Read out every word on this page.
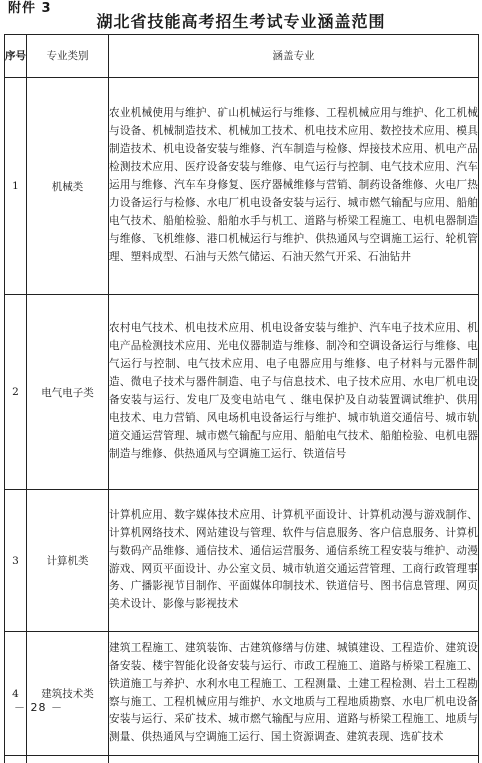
附件 3
湖北省技能高考招生考试专业涵盖范围
序号	专业类别	涵盖专业
1	机械类	农业机械使用与维护、矿山机械运行与维修、工程机械应用与维护、化工机械与设备、机械制造技术、机械加工技术、机电技术应用、数控技术应用、模具制造技术、机电设备安装与维修、汽车制造与检修、焊接技术应用、机电产品检测技术应用、医疗设备安装与维修、电气运行与控制、电气技术应用、汽车运用与维修、汽车车身修复、医疗器械维修与营销、制药设备维修、火电厂热力设备运行与检修、水电厂机电设备安装与运行、城市燃气输配与应用、船舶电气技术、船舶检验、船舶水手与机工、道路与桥梁工程施工、电机电器制造与维修、飞机维修、港口机械运行与维护、供热通风与空调施工运行、轮机管理、塑料成型、石油与天然气储运、石油天然气开采、石油钻井
2	电气电子类	农村电气技术、机电技术应用、机电设备安装与维护、汽车电子技术应用、机电产品检测技术应用、光电仪器制造与维修、制冷和空调设备运行与维修、电气运行与控制、电气技术应用、电子电器应用与维修、电子材料与元器件制造、微电子技术与器件制造、电子与信息技术、电子技术应用、水电厂机电设备安装与运行、发电厂及变电站电气 、继电保护及自动装置调试维护、供用电技术、电力营销、风电场机电设备运行与维护、城市轨道交通信号、城市轨道交通运营管理、城市燃气输配与应用、船舶电气技术、船舶检验、电机电器制造与维修、供热通风与空调施工运行、铁道信号
3	计算机类	计算机应用、数字媒体技术应用、计算机平面设计、计算机动漫与游戏制作、计算机网络技术、网站建设与管理、软件与信息服务、客户信息服务、计算机与数码产品维修、通信技术、通信运营服务、通信系统工程安装与维护、动漫游戏、网页平面设计、办公室文员、城市轨道交通运营管理、工商行政管理事务、广播影视节目制作、平面媒体印制技术、铁道信号、图书信息管理、网页美术设计、影像与影视技术
4	建筑技术类	建筑工程施工、建筑装饰、古建筑修缮与仿建、城镇建设、工程造价、建筑设备安装、楼宇智能化设备安装与运行、市政工程施工、道路与桥梁工程施工、铁道施工与养护、水利水电工程施工、工程测量、土建工程检测、岩土工程勘察与施工、工程机械应用与维护、水文地质与工程地质勘察、水电厂机电设备安装与运行、采矿技术、城市燃气输配与应用、道路与桥梁工程施工、地质与测量、供热通风与空调施工运行、国土资源调查、建筑表现、选矿技术

－ 28 －
